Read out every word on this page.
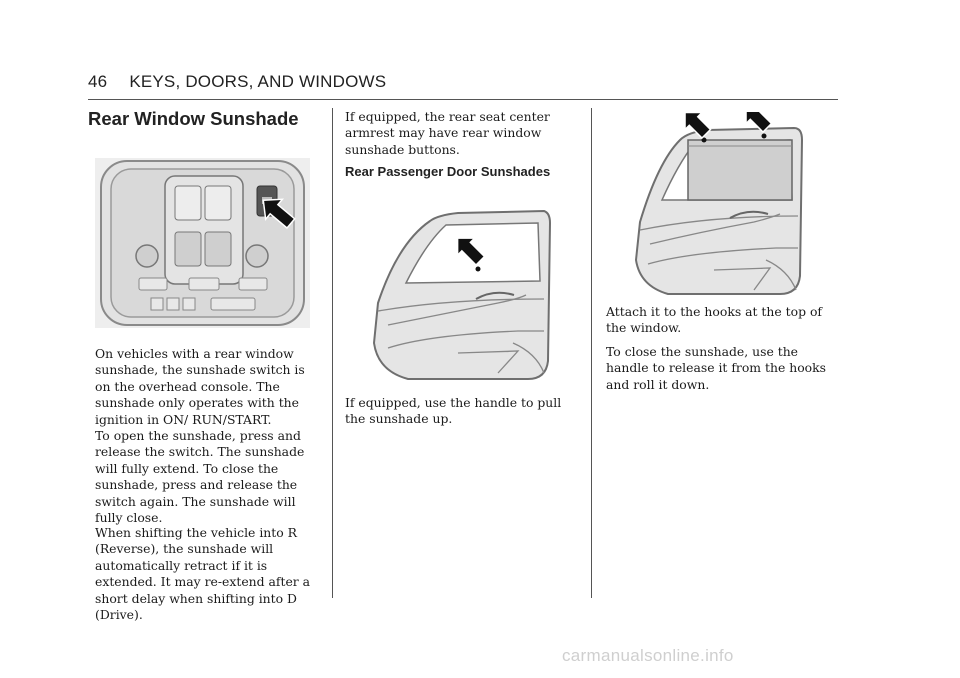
46 KEYS, DOORS, AND WINDOWS
Rear Window Sunshade

On vehicles with a rear window sunshade, the sunshade switch is on the overhead console. The sunshade only operates with the ignition in ON/ RUN/START.

To open the sunshade, press and release the switch. The sunshade will fully extend. To close the sunshade, press and release the switch again. The sunshade will fully close.

When shifting the vehicle into R (Reverse), the sunshade will automatically retract if it is extended. It may re-extend after a short delay when shifting into D (Drive).

If equipped, the rear seat center armrest may have rear window sunshade buttons.

Rear Passenger Door Sunshades

If equipped, use the handle to pull the sunshade up.

Attach it to the hooks at the top of the window.

To close the sunshade, use the handle to release it from the hooks and roll it down.

carmanualsonline.info
